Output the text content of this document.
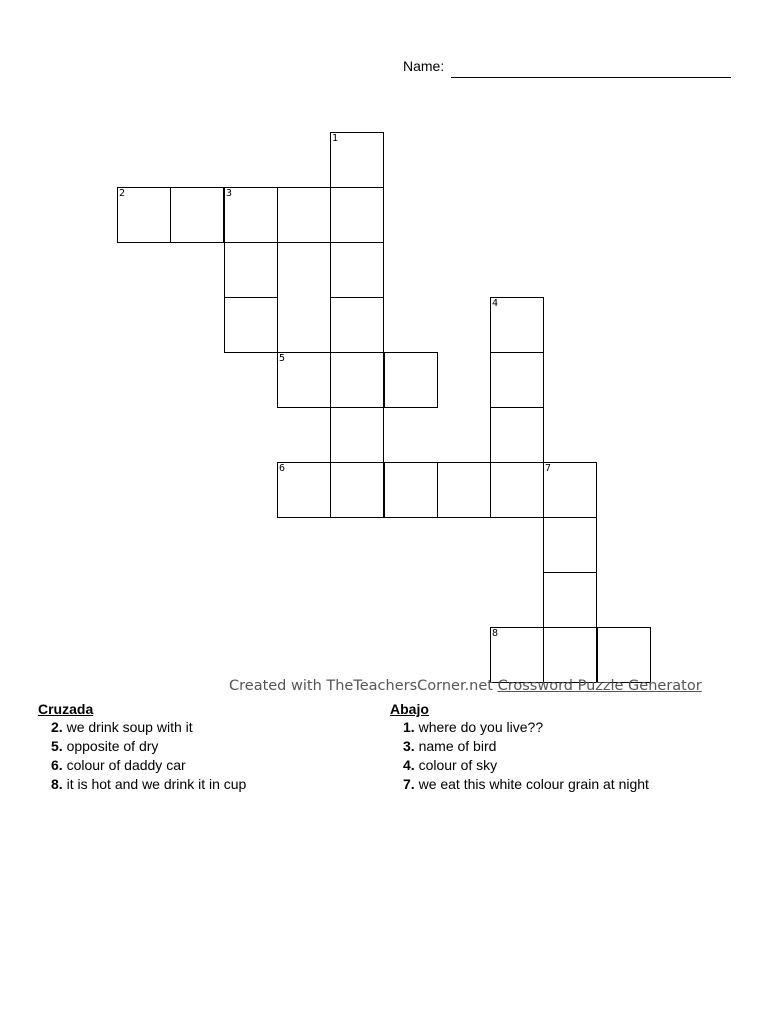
Name:
1
2	3
4
5
6	7
8
Created with TheTeachersCorner.net Crossword Puzzle Generator
Cruzada
2. we drink soup with it
5. opposite of dry
6. colour of daddy car
8. it is hot and we drink it in cup
Abajo
1. where do you live??
3. name of bird
4. colour of sky
7. we eat this white colour grain at night
